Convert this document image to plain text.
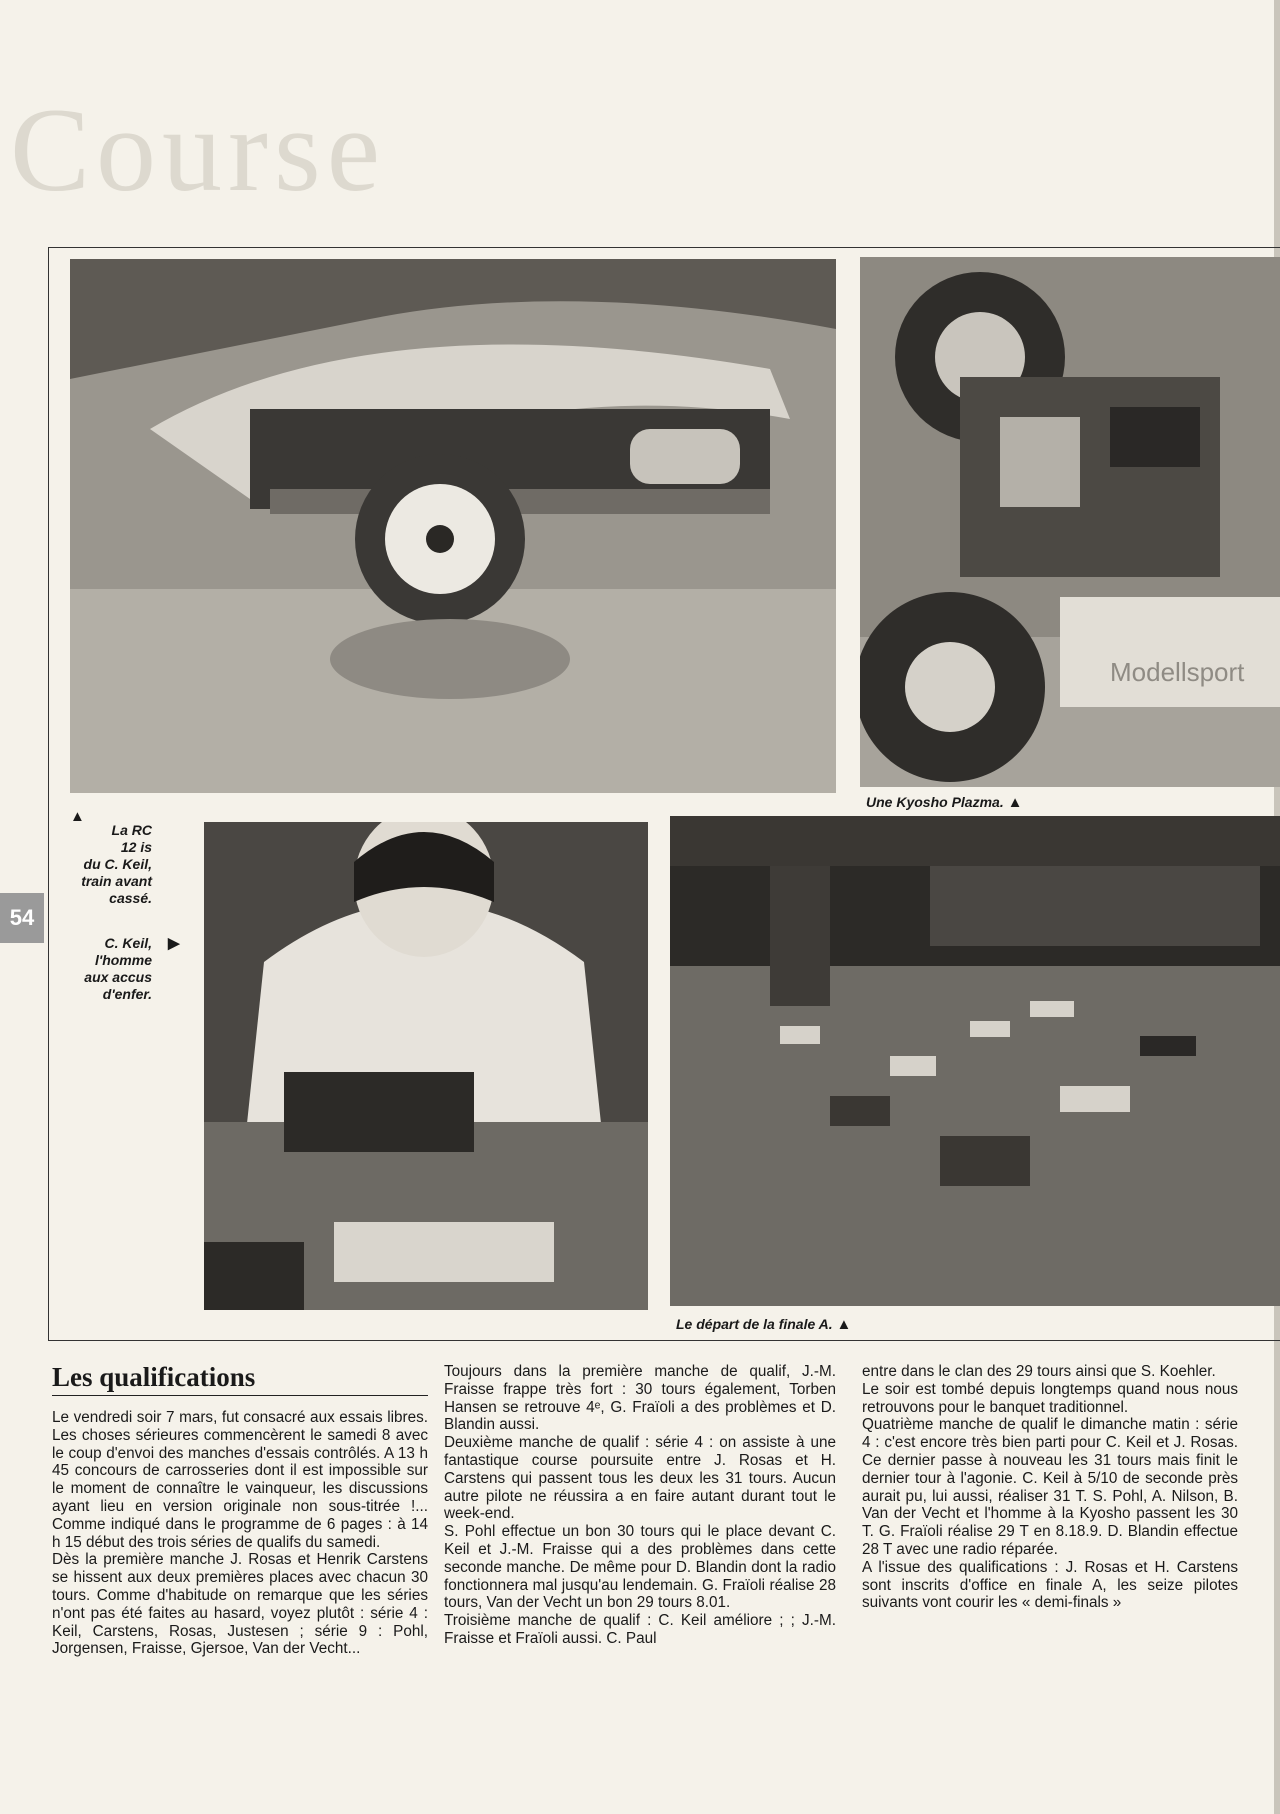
Course
Modellsport
▲
La RC
12 is
du C. Keil,
train avant
cassé.
▶
C. Keil,
l'homme
aux accus
d'enfer.
Une Kyosho Plazma. ▲
Le départ de la finale A. ▲
54
Les qualifications

Le vendredi soir 7 mars, fut consacré aux essais libres. Les choses sérieures commencèrent le samedi 8 avec le coup d'envoi des manches d'essais contrôlés. A 13 h 45 concours de carrosseries dont il est impossible sur le moment de connaître le vainqueur, les discussions ayant lieu en version originale non sous-titrée !... Comme indiqué dans le programme de 6 pages : à 14 h 15 début des trois séries de qualifs du samedi.

Dès la première manche J. Rosas et Henrik Carstens se hissent aux deux premières places avec chacun 30 tours. Comme d'habitude on remarque que les séries n'ont pas été faites au hasard, voyez plutôt : série 4 : Keil, Carstens, Rosas, Justesen ; série 9 : Pohl, Jorgensen, Fraisse, Gjersoe, Van der Vecht...

Toujours dans la première manche de qualif, J.-M. Fraisse frappe très fort : 30 tours également, Torben Hansen se retrouve 4ᵉ, G. Fraïoli a des problèmes et D. Blandin aussi.

Deuxième manche de qualif : série 4 : on assiste à une fantastique course poursuite entre J. Rosas et H. Carstens qui passent tous les deux les 31 tours. Aucun autre pilote ne réussira a en faire autant durant tout le week-end.

S. Pohl effectue un bon 30 tours qui le place devant C. Keil et J.-M. Fraisse qui a des problèmes dans cette seconde manche. De même pour D. Blandin dont la radio fonctionnera mal jusqu'au lendemain. G. Fraïoli réalise 28 tours, Van der Vecht un bon 29 tours 8.01.

Troisième manche de qualif : C. Keil améliore ; ; J.-M. Fraisse et Fraïoli aussi. C. Paul

entre dans le clan des 29 tours ainsi que S. Koehler.

Le soir est tombé depuis longtemps quand nous nous retrouvons pour le banquet traditionnel.

Quatrième manche de qualif le dimanche matin : série 4 : c'est encore très bien parti pour C. Keil et J. Rosas. Ce dernier passe à nouveau les 31 tours mais finit le dernier tour à l'agonie. C. Keil à 5/10 de seconde près aurait pu, lui aussi, réaliser 31 T. S. Pohl, A. Nilson, B. Van der Vecht et l'homme à la Kyosho passent les 30 T. G. Fraïoli réalise 29 T en 8.18.9. D. Blandin effectue 28 T avec une radio réparée.

A l'issue des qualifications : J. Rosas et H. Carstens sont inscrits d'office en finale A, les seize pilotes suivants vont courir les « demi-finals »
